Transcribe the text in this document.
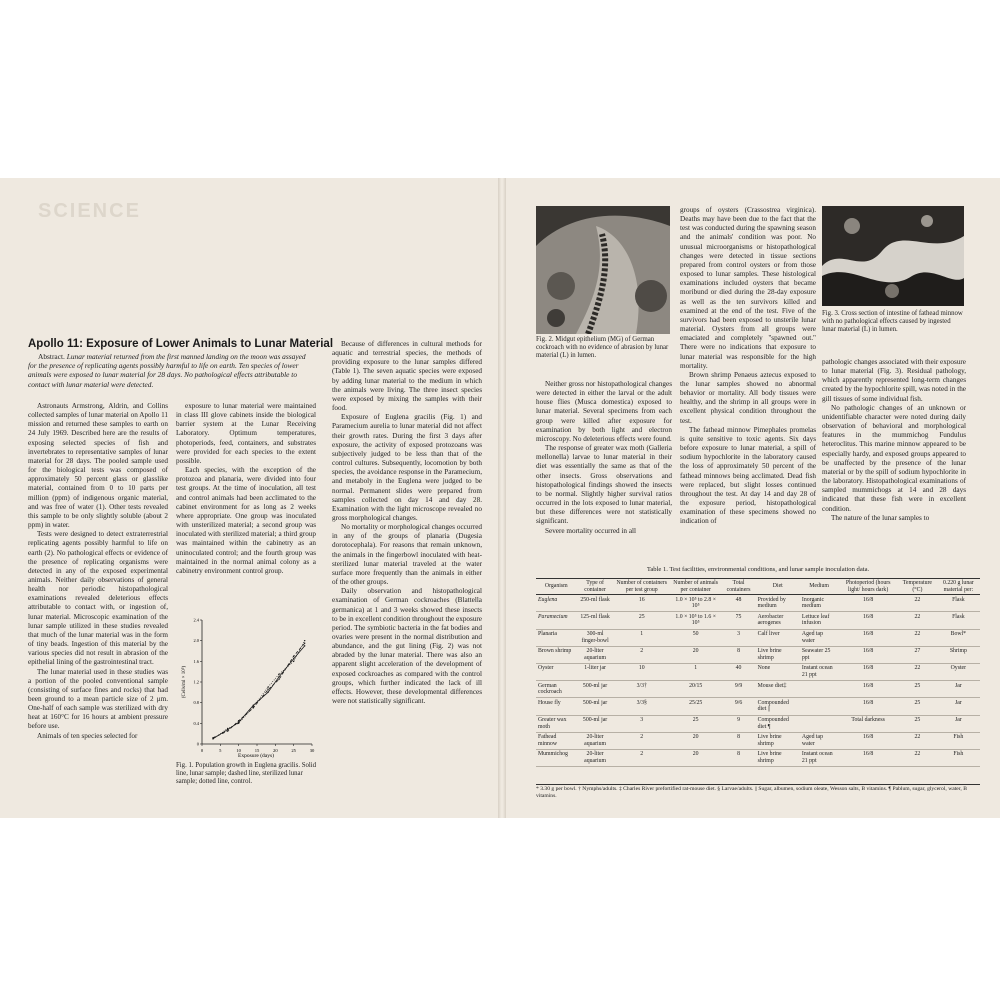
SCIENCE
Apollo 11: Exposure of Lower Animals to Lunar Material
Abstract. Lunar material returned from the first manned landing on the moon was assayed for the presence of replicating agents possibly harmful to life on earth. Ten species of lower animals were exposed to lunar material for 28 days. No pathological effects attributable to contact with lunar material were detected.

Astronauts Armstrong, Aldrin, and Collins collected samples of lunar material on Apollo 11 mission and returned these samples to earth on 24 July 1969. Described here are the results of exposing selected species of fish and invertebrates to representative samples of lunar material for 28 days. The pooled sample used for the biological tests was composed of approximately 50 percent glass or glasslike material, contained from 0 to 10 parts per million (ppm) of indigenous organic material, and was free of water (1). Other tests revealed this sample to be only slightly soluble (about 2 ppm) in water.

Tests were designed to detect extraterrestrial replicating agents possibly harmful to life on earth (2). No pathological effects or evidence of the presence of replicating organisms were detected in any of the exposed experimental animals. Neither daily observations of general health nor periodic histopathological examinations revealed deleterious effects attributable to contact with, or ingestion of, lunar material. Microscopic examination of the lunar sample utilized in these studies revealed that much of the lunar material was in the form of tiny beads. Ingestion of this material by the various species did not result in abrasion of the epithelial lining of the gastrointestinal tract.

The lunar material used in these studies was a portion of the pooled conventional sample (consisting of surface fines and rocks) that had been ground to a mean particle size of 2 μm. One-half of each sample was sterilized with dry heat at 160°C for 16 hours at ambient pressure before use.

Animals of ten species selected for

exposure to lunar material were maintained in class III glove cabinets inside the biological barrier system at the Lunar Receiving Laboratory. Optimum temperatures, photoperiods, feed, containers, and substrates were provided for each species to the extent possible.

Each species, with the exception of the protozoa and planaria, were divided into four test groups. At the time of inoculation, all test and control animals had been acclimated to the cabinet environment for as long as 2 weeks where appropriate. One group was inoculated with unsterilized material; a second group was inoculated with sterilized material; a third group was maintained within the cabinetry as an uninoculated control; and the fourth group was maintained in the normal animal colony as a cabinetry environment control group.

0	5	10	15	20	25	30
0
0.4
0.8
1.2
1.6
2.0
2.4
Exposure (days)
(Cells/ml × 10⁵)
Fig. 1. Population growth in Euglena gracilis. Solid line, lunar sample; dashed line, sterilized lunar sample; dotted line, control.

Because of differences in cultural methods for aquatic and terrestrial species, the methods of providing exposure to the lunar samples differed (Table 1). The seven aquatic species were exposed by adding lunar material to the medium in which the animals were living. The three insect species were exposed by mixing the samples with their food.

Exposure of Euglena gracilis (Fig. 1) and Paramecium aurelia to lunar material did not affect their growth rates. During the first 3 days after exposure, the activity of exposed protozoans was subjectively judged to be less than that of the control cultures. Subsequently, locomotion by both species, the avoidance response in the Paramecium, and metaboly in the Euglena were judged to be normal. Permanent slides were prepared from samples collected on day 14 and day 28. Examination with the light microscope revealed no gross morphological changes.

No mortality or morphological changes occurred in any of the groups of planaria (Dugesia dorotocephala). For reasons that remain unknown, the animals in the fingerbowl inoculated with heat-sterilized lunar material traveled at the water surface more frequently than the animals in either of the other groups.

Daily observation and histopathological examination of German cockroaches (Blattella germanica) at 1 and 3 weeks showed these insects to be in excellent condition throughout the exposure period. The symbiotic bacteria in the fat bodies and ovaries were present in the normal distribution and abundance, and the gut lining (Fig. 2) was not abraded by the lunar material. There was also an apparent slight acceleration of the development of exposed cockroaches as compared with the control groups, which further indicated the lack of ill effects. However, these developmental differences were not statistically significant.

Fig. 2. Midgut epithelium (MG) of German cockroach with no evidence of abrasion by lunar material (L) in lumen.

Neither gross nor histopathological changes were detected in either the larval or the adult house flies (Musca domestica) exposed to lunar material. Several specimens from each group were killed after exposure for examination by both light and electron microscopy. No deleterious effects were found.

The response of greater wax moth (Galleria mellonella) larvae to lunar material in their diet was essentially the same as that of the other insects. Gross observations and histopathological findings showed the insects to be normal. Slightly higher survival ratios occurred in the lots exposed to lunar material, but these differences were not statistically significant.

Severe mortality occurred in all

groups of oysters (Crassostrea virginica). Deaths may have been due to the fact that the test was conducted during the spawning season and the animals' condition was poor. No unusual microorganisms or histopathological changes were detected in tissue sections prepared from control oysters or from those exposed to lunar samples. These histological examinations included oysters that became moribund or died during the 28-day exposure as well as the ten survivors killed and examined at the end of the test. Five of the survivors had been exposed to unsterile lunar material. Oysters from all groups were emaciated and completely "spawned out." There were no indications that exposure to lunar material was responsible for the high mortality.

Brown shrimp Penaeus aztecus exposed to the lunar samples showed no abnormal behavior or mortality. All body tissues were healthy, and the shrimp in all groups were in excellent physical condition throughout the test.

The fathead minnow Pimephales promelas is quite sensitive to toxic agents. Six days before exposure to lunar material, a spill of sodium hypochlorite in the laboratory caused the loss of approximately 50 percent of the fathead minnows being acclimated. Dead fish were replaced, but slight losses continued throughout the test. At day 14 and day 28 of the exposure period, histopathological examination of these specimens showed no indication of

Fig. 3. Cross section of intestine of fathead minnow with no pathological effects caused by ingested lunar material (L) in lumen.

pathologic changes associated with their exposure to lunar material (Fig. 3). Residual pathology, which apparently represented long-term changes created by the hypochlorite spill, was noted in the gill tissues of some individual fish.

No pathologic changes of an unknown or unidentifiable character were noted during daily observation of behavioral and morphological features in the mummichog Fundulus heteroclitus. This marine minnow appeared to be especially hardy, and exposed groups appeared to be unaffected by the presence of the lunar material or by the spill of sodium hypochlorite in the laboratory. Histopathological examinations of sampled mummichogs at 14 and 28 days indicated that these fish were in excellent condition.

The nature of the lunar samples to

Table 1. Test facilities, environmental conditions, and lunar sample inoculation data.
Organism	Type of container	Number of containers per test group	Number of animals per container	Total containers	Diet	Medium	Photoperiod (hours light/ hours dark)	Temperature (°C)	0.220 g lunar material per:
Euglena	250-ml flask	16	1.0 × 10⁵ to 2.8 × 10⁵	48	Provided by medium	Inorganic medium	16/8	22	Flask
Paramecium	125-ml flask	25	1.0 × 10⁵ to 1.6 × 10⁵	75	Aerobacter aerogenes	Lettuce leaf infusion	16/8	22	Flask
Planaria	300-ml finger-bowl	1	50	3	Calf liver	Aged tap water	16/8	22	Bowl*
Brown shrimp	20-liter aquarium	2	20	8	Live brine shrimp	Seawater 25 ppt	16/8	27	Shrimp
Oyster	1-liter jar	10	1	40	None	Instant ocean 21 ppt	16/8	22	Oyster
German cockroach	500-ml jar	3/3†	20/15	9/9	Mouse diet‡		16/8	25	Jar
House fly	500-ml jar	3/3§	25/25	9/6	Compounded diet ||		16/8	25	Jar
Greater wax moth	500-ml jar	3	25	9	Compounded diet ¶		Total darkness	25	Jar
Fathead minnow	20-liter aquarium	2	20	8	Live brine shrimp	Aged tap water	16/8	22	Fish
Mummichog	20-liter aquarium	2	20	8	Live brine shrimp	Instant ocean 21 ppt	16/8	22	Fish
* 3.30 g per bowl. † Nymphs/adults. ‡ Charles River prefortified rat-mouse diet. § Larvae/adults. || Sugar, albumen, sodium oleate, Wesson salts, B vitamins. ¶ Pablum, sugar, glycerol, water, B vitamins.
